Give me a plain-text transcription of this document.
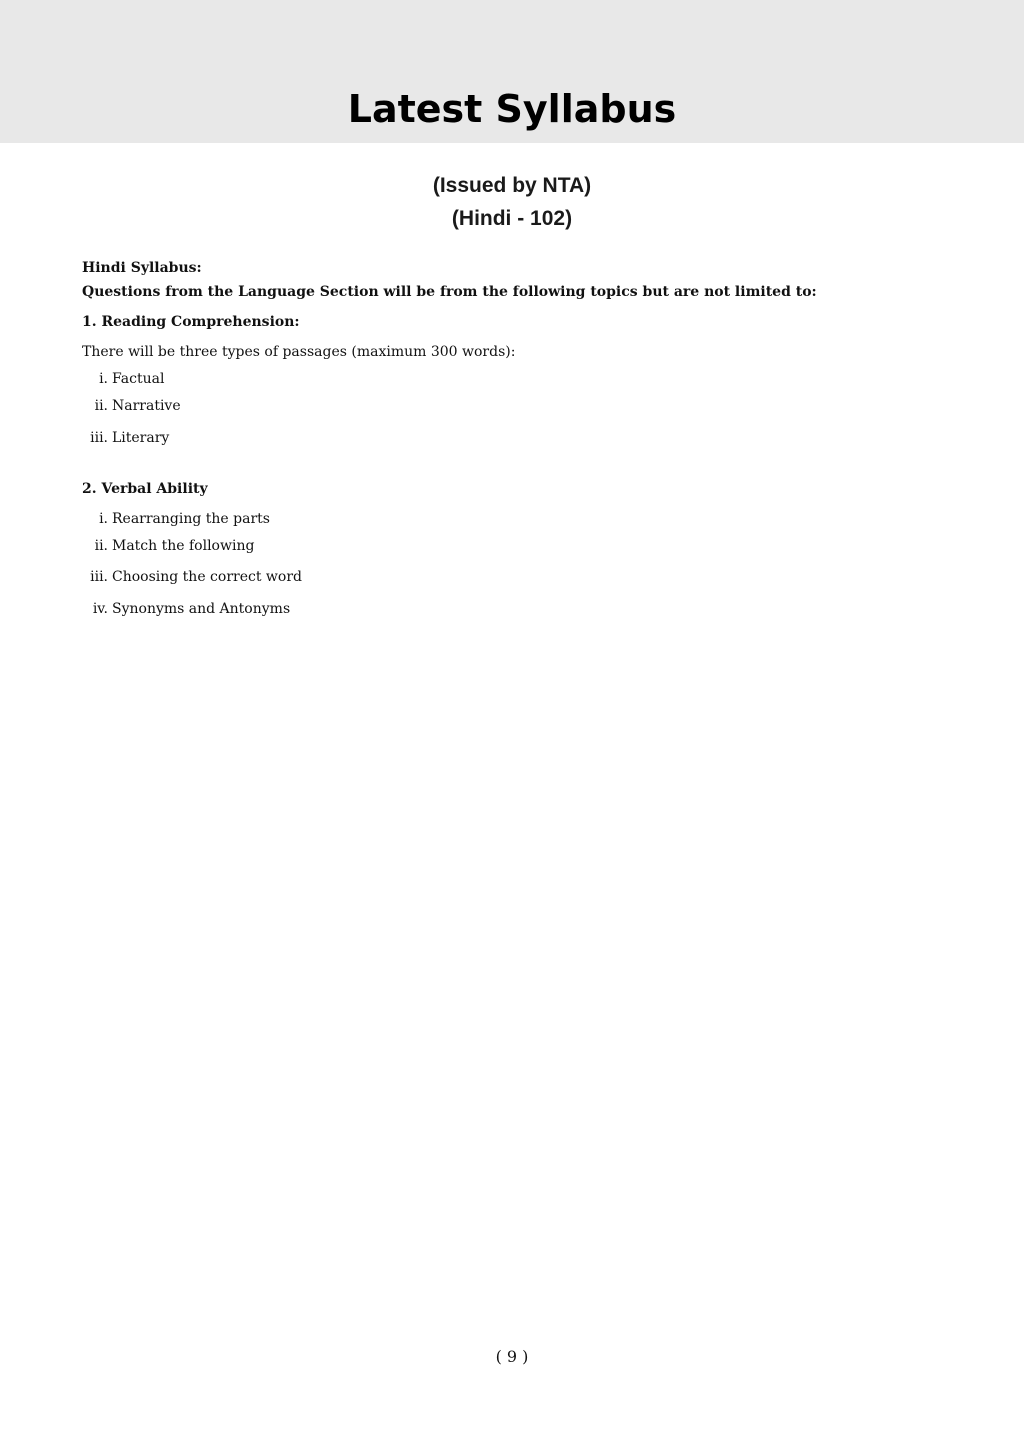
Latest Syllabus
(Issued by NTA)
(Hindi - 102)
Hindi Syllabus:
Questions from the Language Section will be from the following topics but are not limited to:
1. Reading Comprehension:
There will be three types of passages (maximum 300 words):
i. Factual
ii. Narrative
iii. Literary
2. Verbal Ability
i. Rearranging the parts
ii. Match the following
iii. Choosing the correct word
iv. Synonyms and Antonyms
( 9 )
